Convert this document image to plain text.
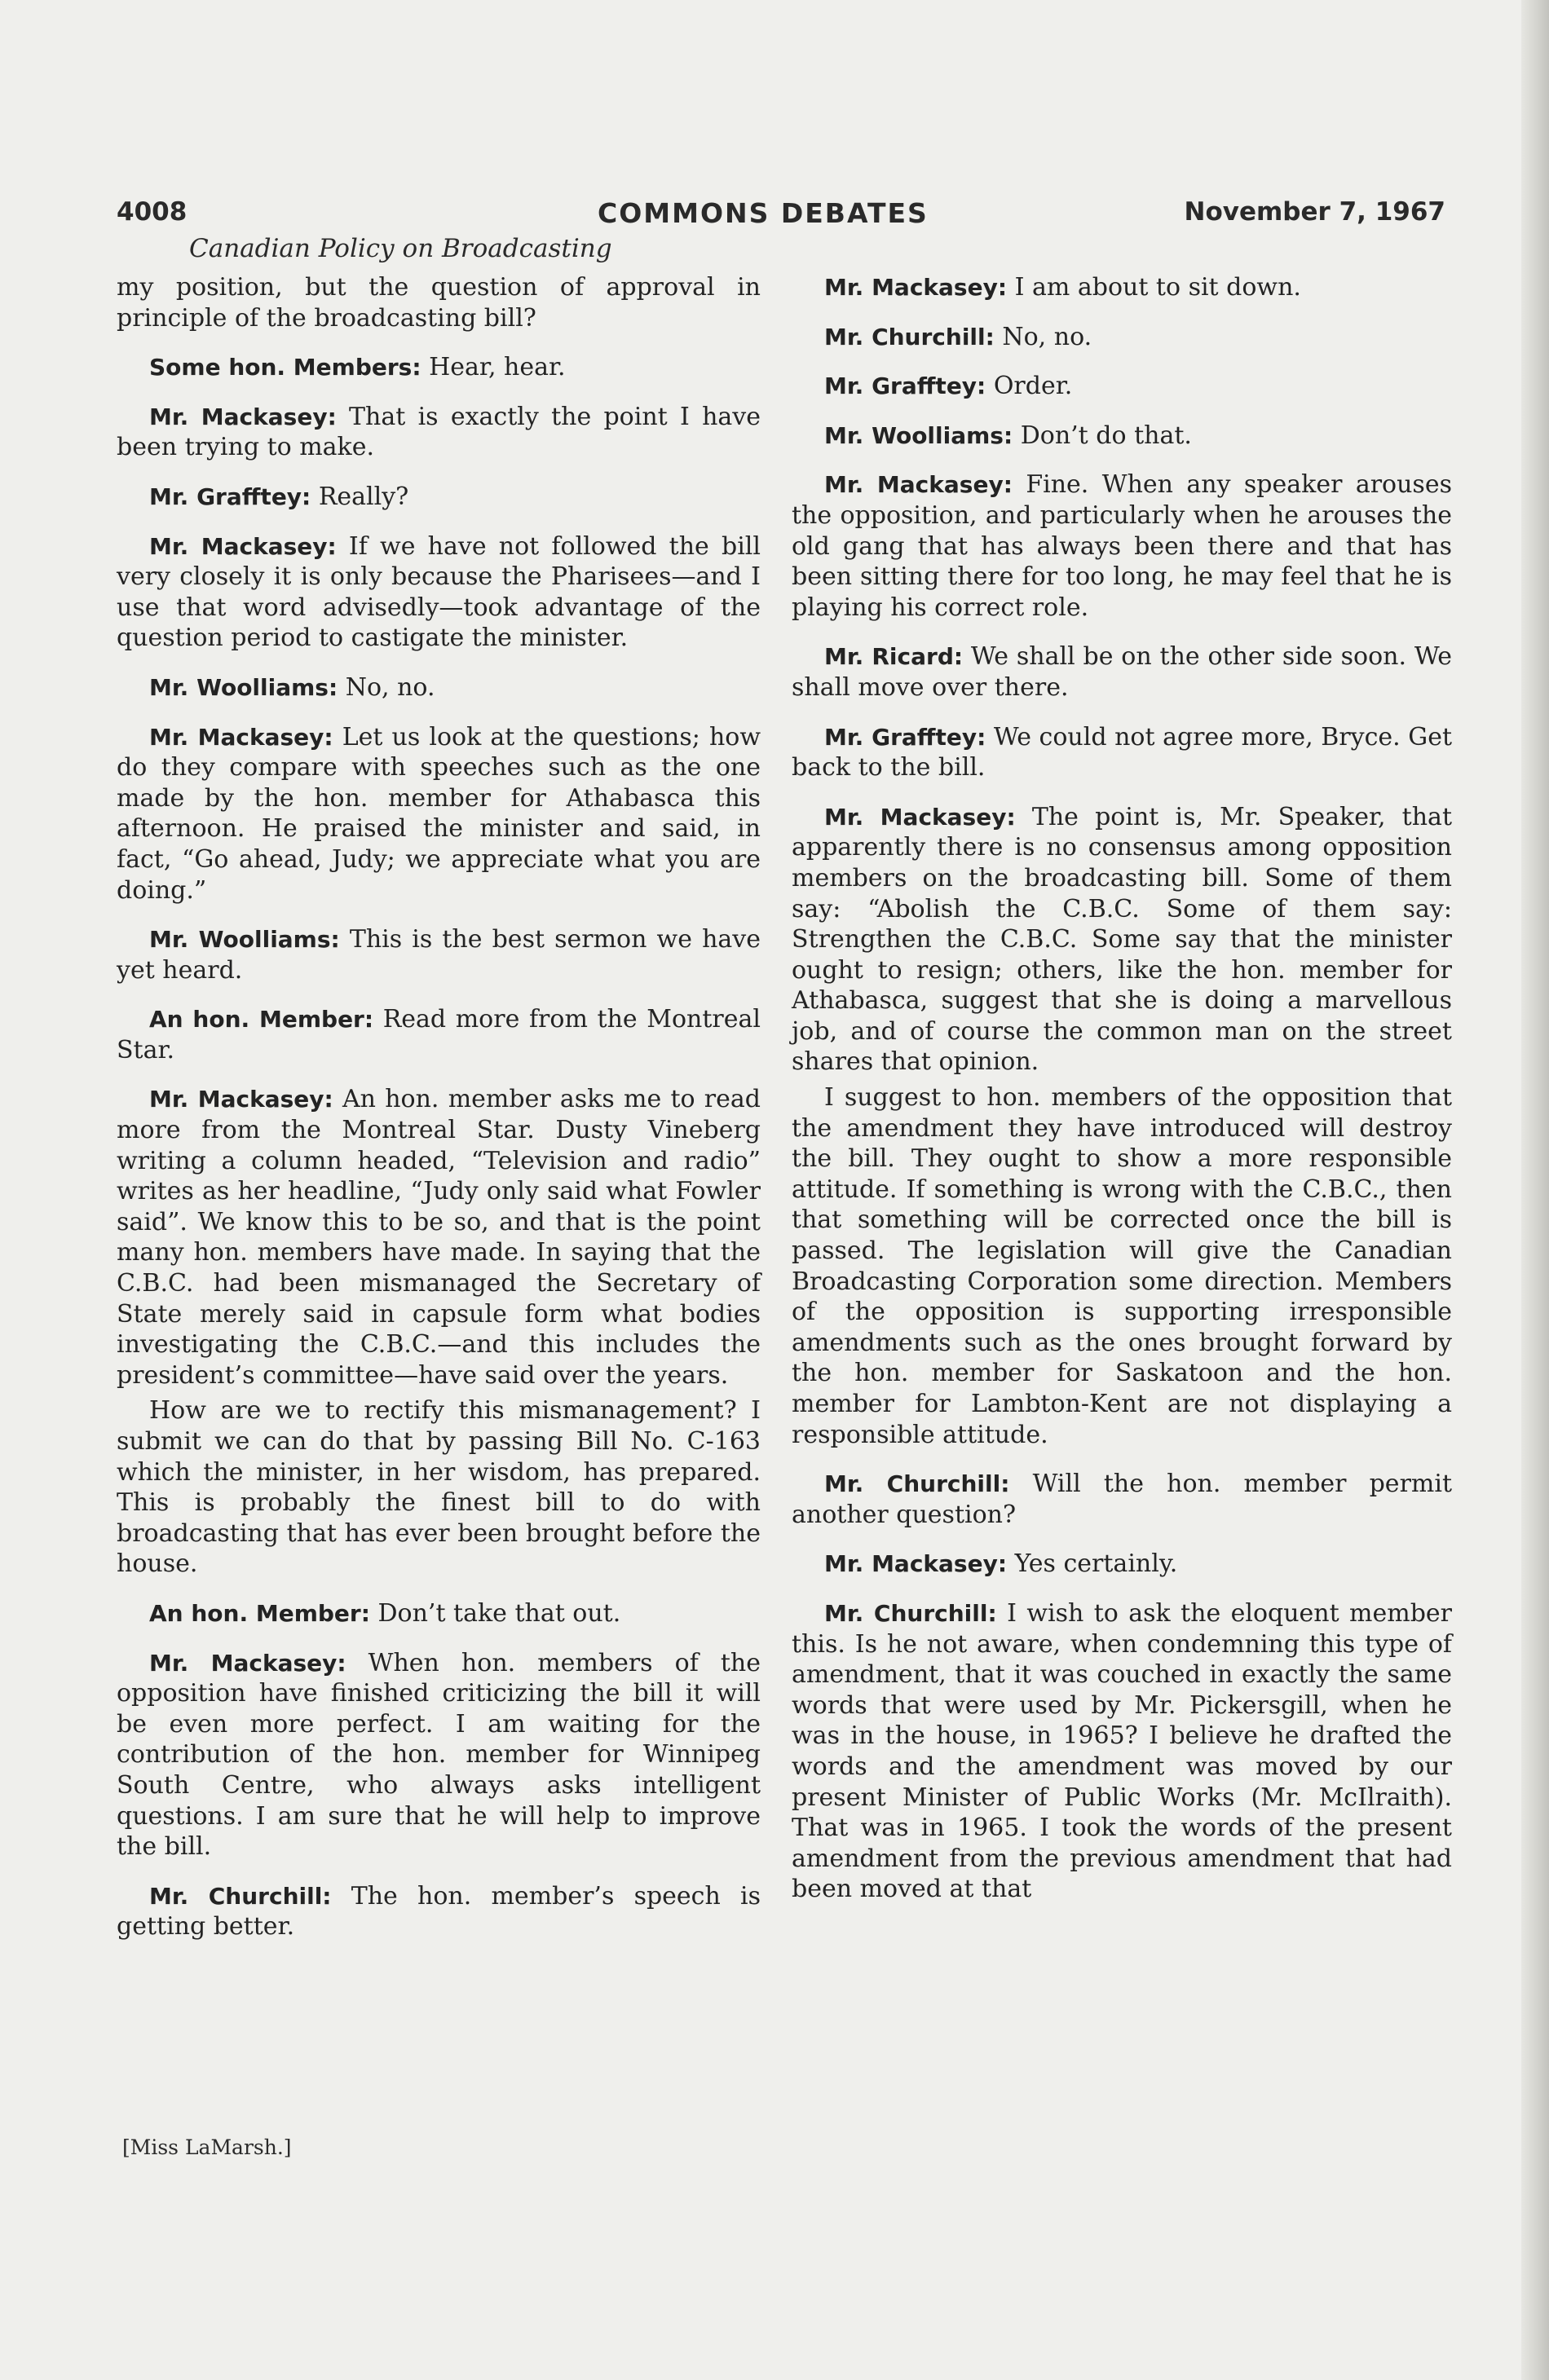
4008	COMMONS DEBATES	November 7, 1967
Canadian Policy on Broadcasting

my position, but the question of approval in principle of the broadcasting bill?

Some hon. Members: Hear, hear.

Mr. Mackasey: That is exactly the point I have been trying to make.

Mr. Grafftey: Really?

Mr. Mackasey: If we have not followed the bill very closely it is only because the Pharisees—and I use that word advisedly—took advantage of the question period to castigate the minister.

Mr. Woolliams: No, no.

Mr. Mackasey: Let us look at the questions; how do they compare with speeches such as the one made by the hon. member for Athabasca this afternoon. He praised the minister and said, in fact, “Go ahead, Judy; we appreciate what you are doing.”

Mr. Woolliams: This is the best sermon we have yet heard.

An hon. Member: Read more from the Montreal Star.

Mr. Mackasey: An hon. member asks me to read more from the Montreal Star. Dusty Vineberg writing a column headed, “Television and radio” writes as her headline, “Judy only said what Fowler said”. We know this to be so, and that is the point many hon. members have made. In saying that the C.B.C. had been mismanaged the Secretary of State merely said in capsule form what bodies investigating the C.B.C.—and this includes the president’s committee—have said over the years.

How are we to rectify this mismanagement? I submit we can do that by passing Bill No. C-163 which the minister, in her wisdom, has prepared. This is probably the finest bill to do with broadcasting that has ever been brought before the house.

An hon. Member: Don’t take that out.

Mr. Mackasey: When hon. members of the opposition have finished criticizing the bill it will be even more perfect. I am waiting for the contribution of the hon. member for Winnipeg South Centre, who always asks intelligent questions. I am sure that he will help to improve the bill.

Mr. Churchill: The hon. member’s speech is getting better.

Mr. Mackasey: I am about to sit down.

Mr. Churchill: No, no.

Mr. Grafftey: Order.

Mr. Woolliams: Don’t do that.

Mr. Mackasey: Fine. When any speaker arouses the opposition, and particularly when he arouses the old gang that has always been there and that has been sitting there for too long, he may feel that he is playing his correct role.

Mr. Ricard: We shall be on the other side soon. We shall move over there.

Mr. Grafftey: We could not agree more, Bryce. Get back to the bill.

Mr. Mackasey: The point is, Mr. Speaker, that apparently there is no consensus among opposition members on the broadcasting bill. Some of them say: “Abolish the C.B.C. Some of them say: Strengthen the C.B.C. Some say that the minister ought to resign; others, like the hon. member for Athabasca, suggest that she is doing a marvellous job, and of course the common man on the street shares that opinion.

I suggest to hon. members of the opposition that the amendment they have introduced will destroy the bill. They ought to show a more responsible attitude. If something is wrong with the C.B.C., then that something will be corrected once the bill is passed. The legislation will give the Canadian Broadcasting Corporation some direction. Members of the opposition is supporting irresponsible amendments such as the ones brought forward by the hon. member for Saskatoon and the hon. member for Lambton-Kent are not displaying a responsible attitude.

Mr. Churchill: Will the hon. member permit another question?

Mr. Mackasey: Yes certainly.

Mr. Churchill: I wish to ask the eloquent member this. Is he not aware, when condemning this type of amendment, that it was couched in exactly the same words that were used by Mr. Pickersgill, when he was in the house, in 1965? I believe he drafted the words and the amendment was moved by our present Minister of Public Works (Mr. McIlraith). That was in 1965. I took the words of the present amendment from the previous amendment that had been moved at that

[Miss LaMarsh.]
